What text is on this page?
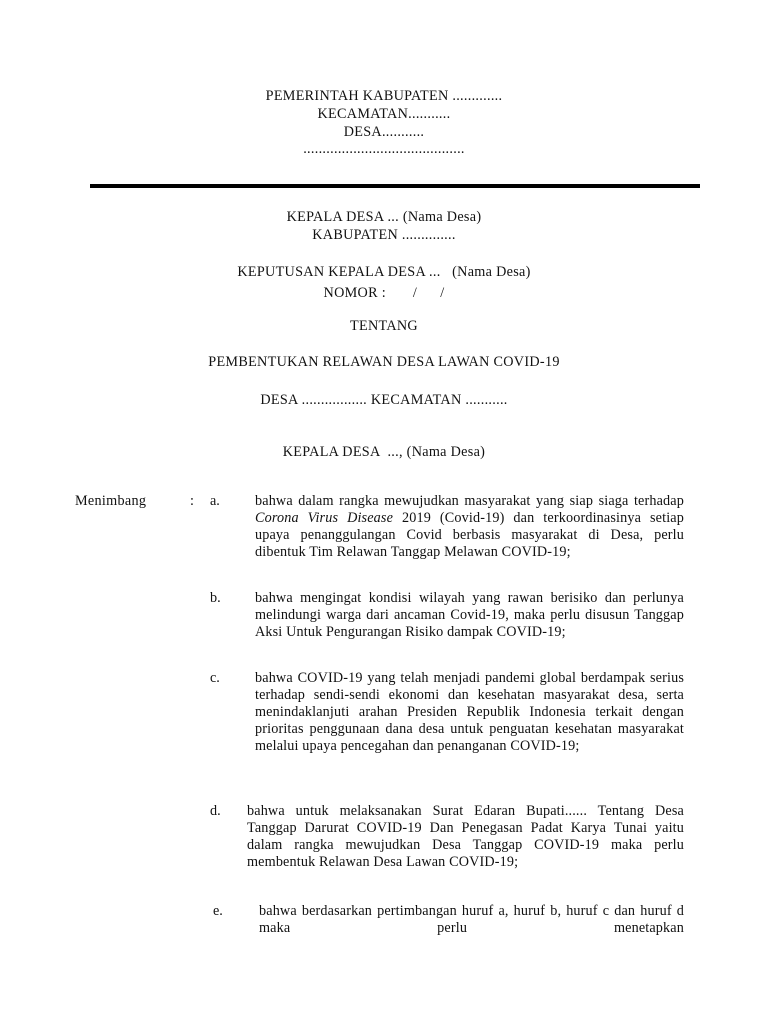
PEMERINTAH KABUPATEN .............
KECAMATAN...........
DESA...........
..........................................
KEPALA DESA ... (Nama Desa)
KABUPATEN ..............
KEPUTUSAN KEPALA DESA ...   (Nama Desa)
NOMOR :       /      /
TENTANG
PEMBENTUKAN RELAWAN DESA LAWAN COVID-19
DESA ................. KECAMATAN ...........
KEPALA DESA  ..., (Nama Desa)
Menimbang	: a. bahwa dalam rangka mewujudkan masyarakat yang siap siaga terhadap Corona Virus Disease 2019 (Covid-19) dan terkoordinasinya setiap upaya penanggulangan Covid berbasis masyarakat di Desa, perlu dibentuk Tim Relawan Tanggap Melawan COVID-19;
b. bahwa mengingat kondisi wilayah yang rawan berisiko dan perlunya melindungi warga dari ancaman Covid-19, maka perlu disusun Tanggap Aksi Untuk Pengurangan Risiko dampak COVID-19;
c. bahwa COVID-19 yang telah menjadi pandemi global berdampak serius terhadap sendi-sendi ekonomi dan kesehatan masyarakat desa, serta menindaklanjuti arahan Presiden Republik Indonesia terkait dengan prioritas penggunaan dana desa untuk penguatan kesehatan masyarakat melalui upaya pencegahan dan penanganan COVID-19;
d. bahwa untuk melaksanakan Surat Edaran Bupati...... Tentang Desa Tanggap Darurat COVID-19 Dan Penegasan Padat Karya Tunai yaitu dalam rangka mewujudkan Desa Tanggap COVID-19 maka perlu membentuk Relawan Desa Lawan COVID-19;
e.	bahwa berdasarkan pertimbangan huruf a, huruf b, huruf c dan huruf d maka perlu menetapkan
